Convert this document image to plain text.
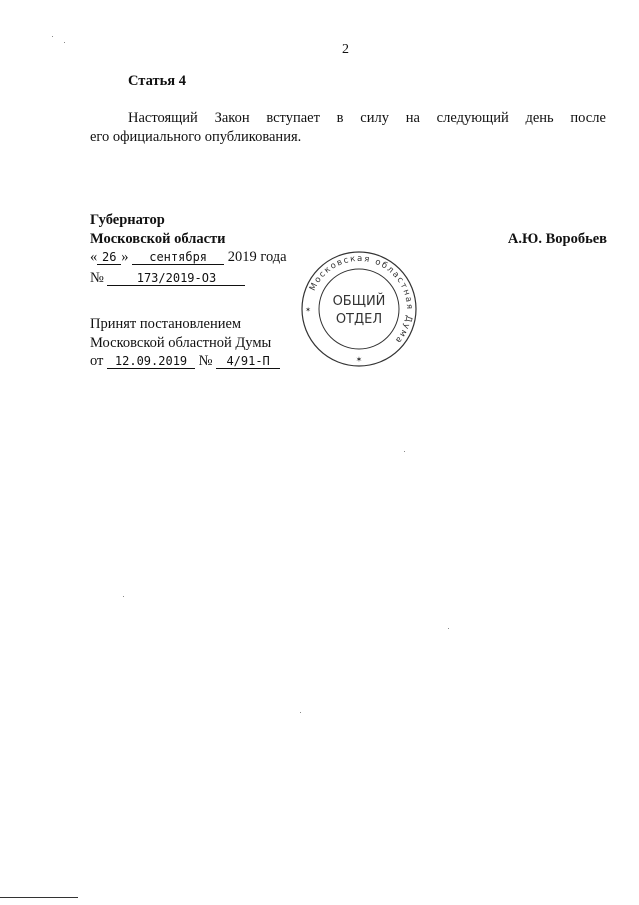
2
Статья 4
Настоящий Закон вступает в силу на следующий день после
его официального опубликования.
Губернатор
Московской области	А.Ю. Воробьев
« 26 » сентября 2019 года
№	173/2019-ОЗ
Принят постановлением
Московской областной Думы
от 12.09.2019 № 4/91-П
Московская областная Дума
ОБЩИЙ
ОТДЕЛ
✶
✶
